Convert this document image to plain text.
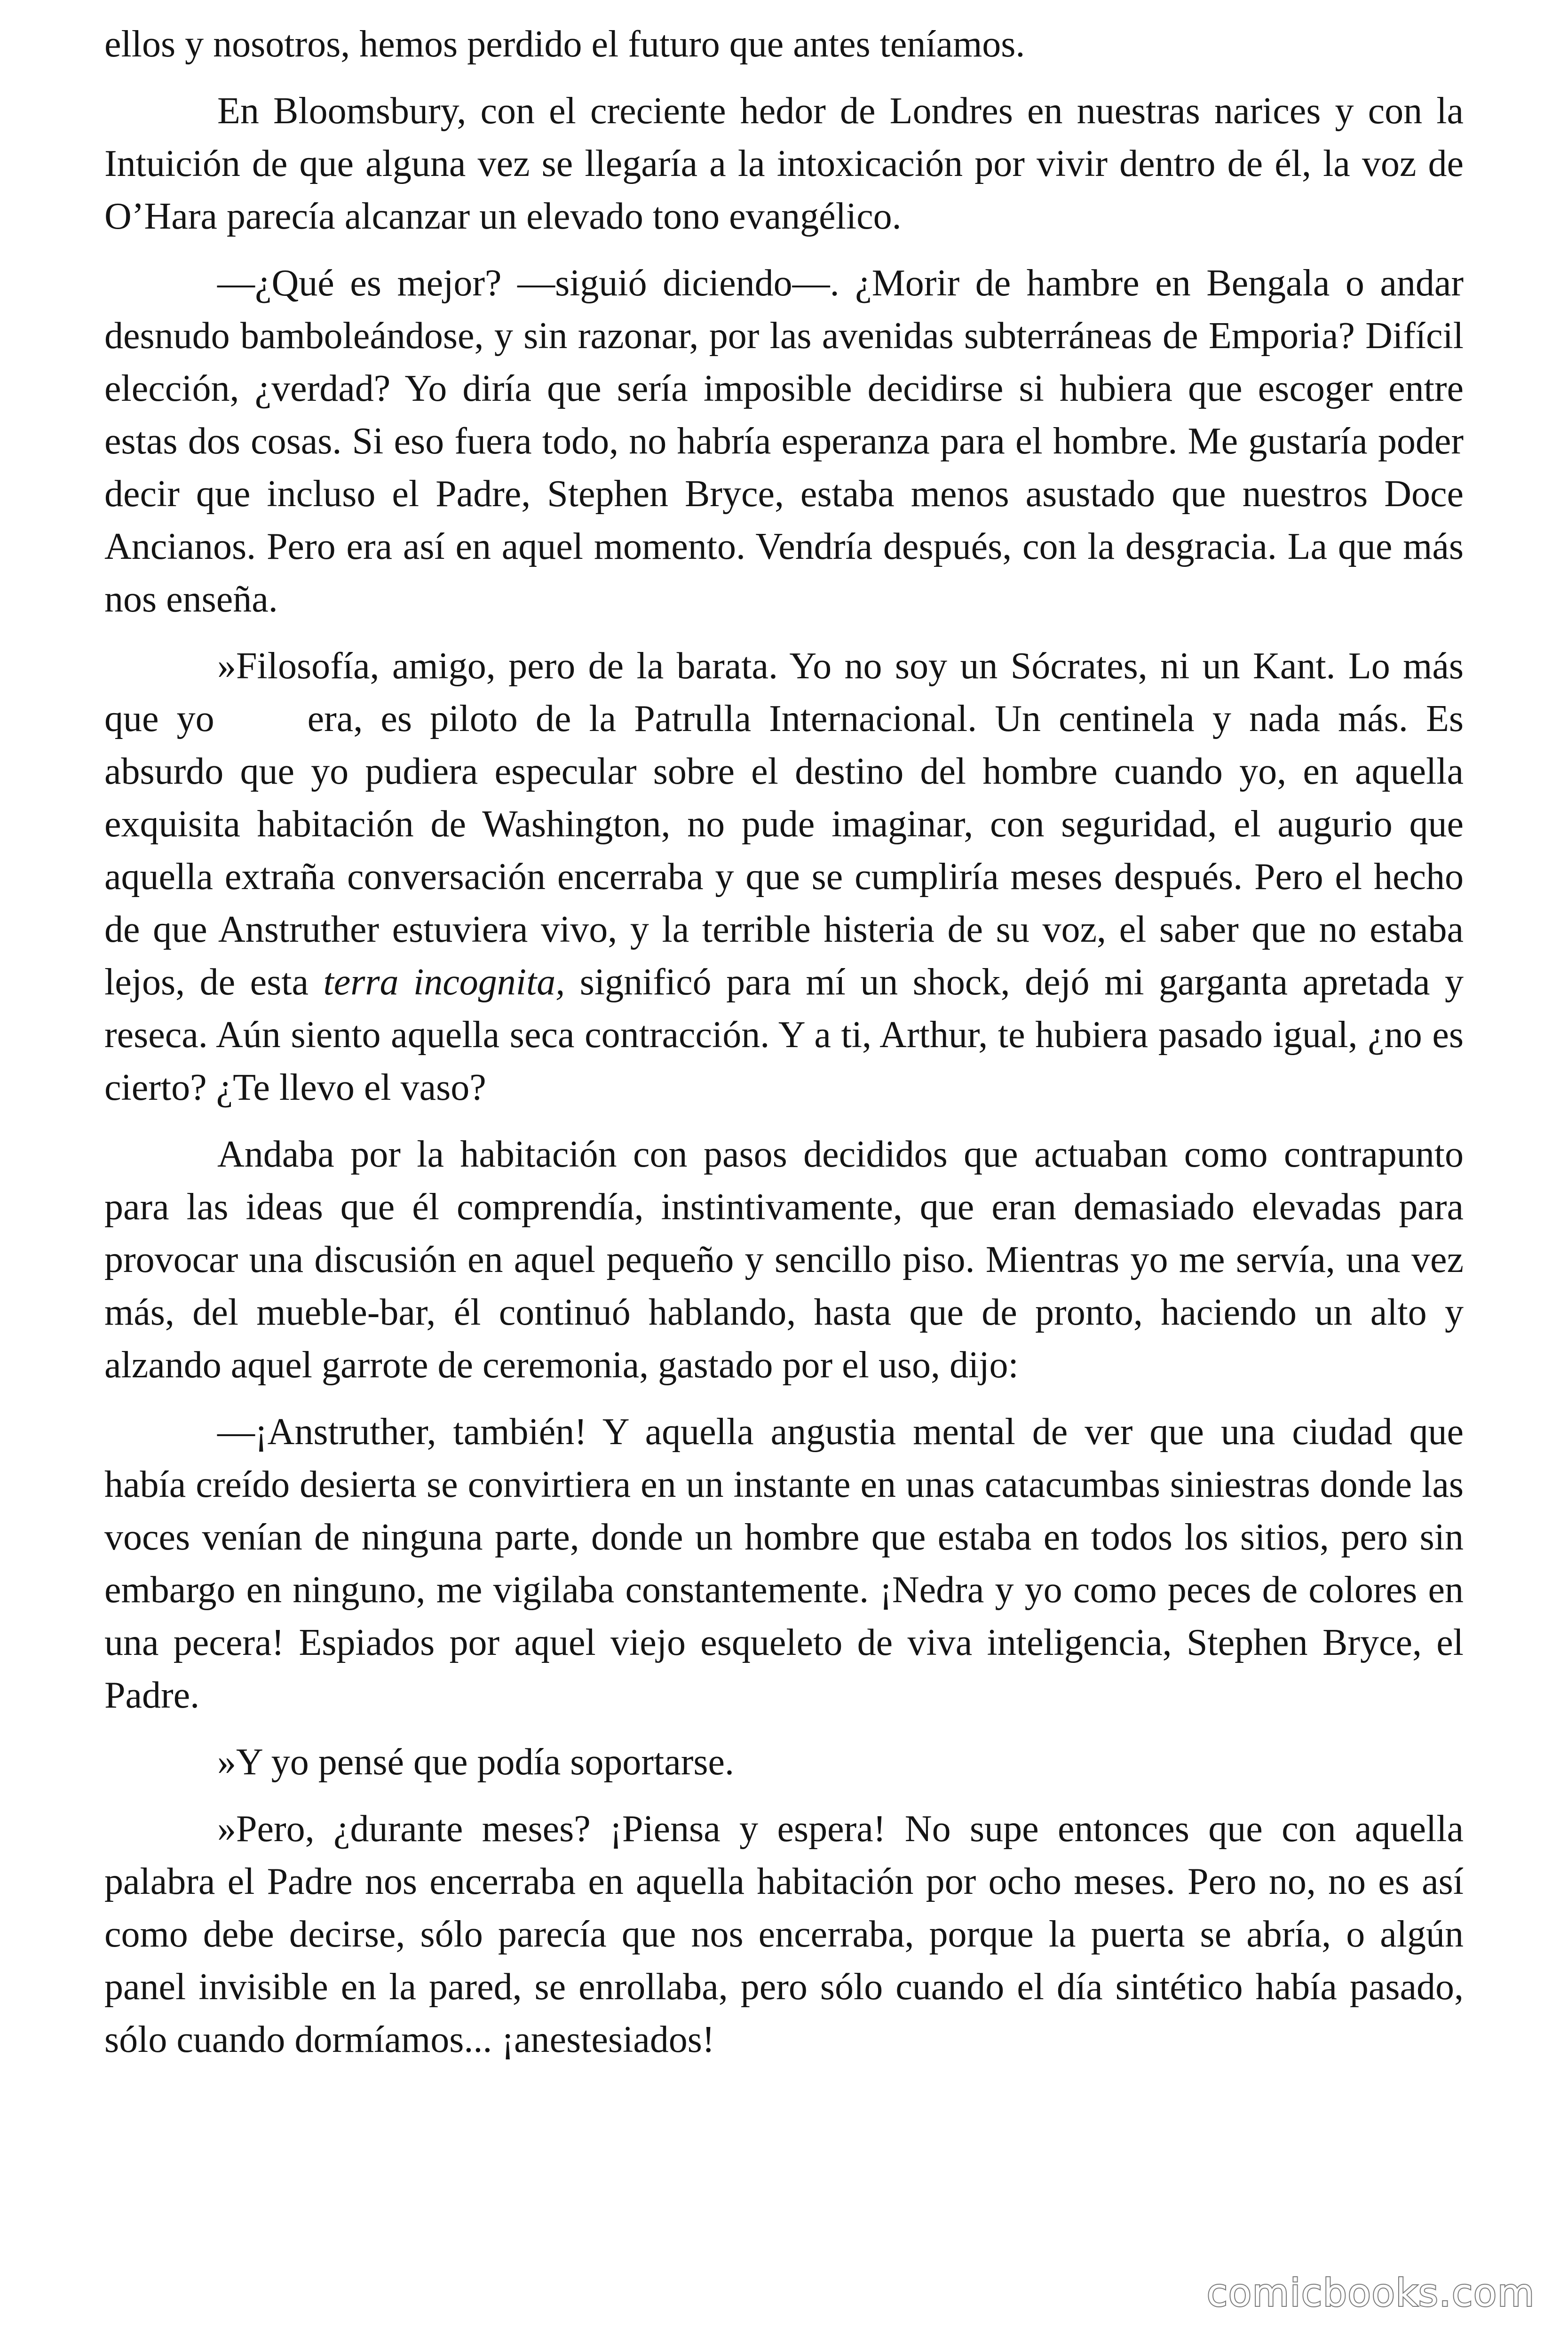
ellos y nosotros, hemos perdido el futuro que antes teníamos.

En Bloomsbury, con el creciente hedor de Londres en nuestras narices y con la Intuición de que alguna vez se llegaría a la intoxicación por vivir dentro de él, la voz de O’Hara parecía alcanzar un elevado tono evangélico.

—¿Qué es mejor? —siguió diciendo—. ¿Morir de hambre en Bengala o andar desnudo bamboleándose, y sin razonar, por las avenidas subterráneas de Emporia? Difícil elección, ¿verdad? Yo diría que sería imposible decidirse si hubiera que escoger entre estas dos cosas. Si eso fuera todo, no habría esperanza para el hombre. Me gustaría poder decir que incluso el Padre, Stephen Bryce, estaba menos asustado que nuestros Doce Ancianos. Pero era así en aquel momento. Vendría después, con la desgracia. La que más nos enseña.

»Filosofía, amigo, pero de la barata. Yo no soy un Sócrates, ni un Kant. Lo más que yo   era, es piloto de la Patrulla Internacional. Un centinela y nada más. Es absurdo que yo pudiera especular sobre el destino del hombre cuando yo, en aquella exquisita habitación de Washington, no pude imaginar, con seguridad, el augurio que aquella extraña conversación encerraba y que se cumpliría meses después. Pero el hecho de que Anstruther estuviera vivo, y la terrible histeria de su voz, el saber que no estaba lejos, de esta terra incognita, significó para mí un shock, dejó mi garganta apretada y reseca. Aún siento aquella seca contracción. Y a ti, Arthur, te hubiera pasado igual, ¿no es cierto? ¿Te llevo el vaso?

Andaba por la habitación con pasos decididos que actuaban como contrapunto para las ideas que él comprendía, instintivamente, que eran demasiado elevadas para provocar una discusión en aquel pequeño y sencillo piso. Mientras yo me servía, una vez más, del mueble-bar, él continuó hablando, hasta que de pronto, haciendo un alto y alzando aquel garrote de ceremonia, gastado por el uso, dijo:

—¡Anstruther, también! Y aquella angustia mental de ver que una ciudad que había creído desierta se convirtiera en un instante en unas catacumbas siniestras donde las voces venían de ninguna parte, donde un hombre que estaba en todos los sitios, pero sin embargo en ninguno, me vigilaba constantemente. ¡Nedra y yo como peces de colores en una pecera! Espiados por aquel viejo esqueleto de viva inteligencia, Stephen Bryce, el Padre.

»Y yo pensé que podía soportarse.

»Pero, ¿durante meses? ¡Piensa y espera! No supe entonces que con aquella palabra el Padre nos encerraba en aquella habitación por ocho meses. Pero no, no es así como debe decirse, sólo parecía que nos encerraba, porque la puerta se abría, o algún panel invisible en la pared, se enrollaba, pero sólo cuando el día sintético había pasado, sólo cuando dormíamos... ¡anestesiados!

comicbooks.com
